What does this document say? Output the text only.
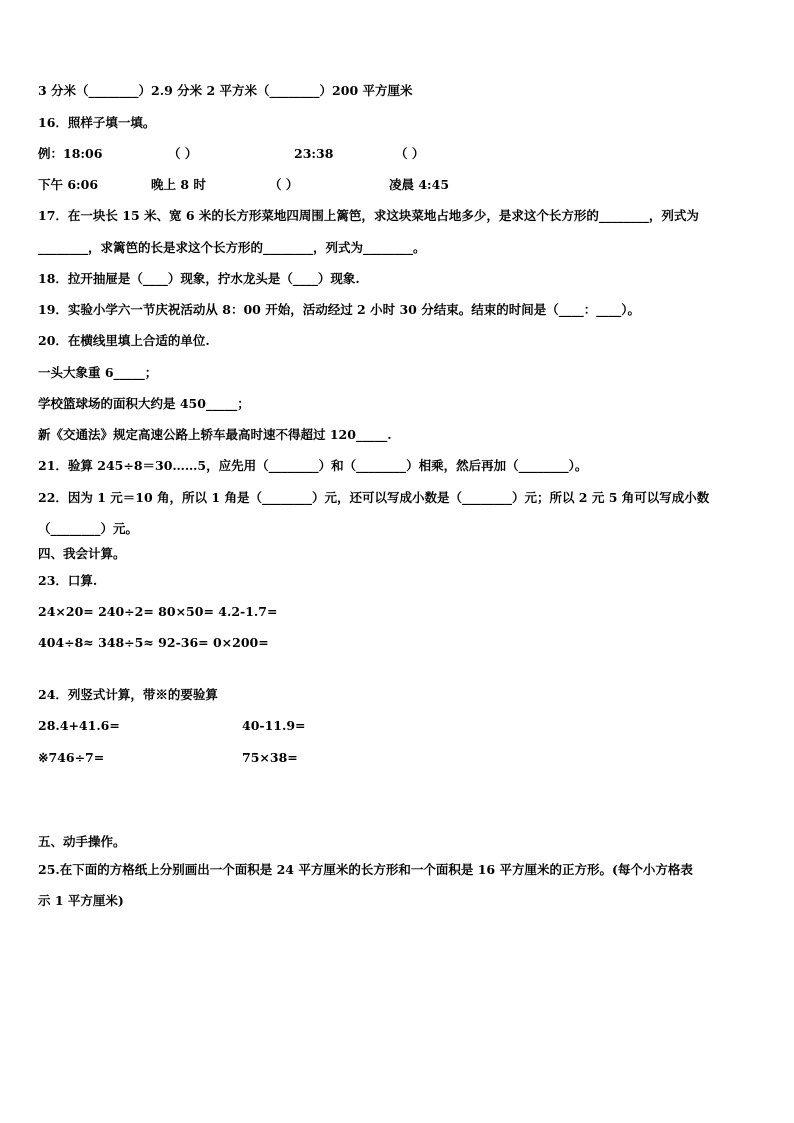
3 分米（________）2.9 分米 2 平方米（________）200 平方厘米
16．照样子填一填。
例：18:06	（ ）	23:38	（ ）
下午 6:06	晚上 8 时	（ ）	凌晨 4:45
17．在一块长 15 米、宽 6 米的长方形菜地四周围上篱笆，求这块菜地占地多少，是求这个长方形的________，列式为
________，求篱笆的长是求这个长方形的________，列式为________。
18．拉开抽屉是（____）现象，拧水龙头是（____）现象.
19．实验小学六一节庆祝活动从 8：00 开始，活动经过 2 小时 30 分结束。结束的时间是（____：____）。
20．在横线里填上合适的单位.
一头大象重 6_____；
学校篮球场的面积大约是 450_____；
新《交通法》规定高速公路上轿车最高时速不得超过 120_____.
21．验算 245÷8＝30……5，应先用（________）和（________）相乘，然后再加（________）。
22．因为 1 元＝10 角，所以 1 角是（________）元，还可以写成小数是（________）元；所以 2 元 5 角可以写成小数
（________）元。
四、我会计算。
23．口算.
24×20= 240÷2= 80×50= 4.2-1.7=
404÷8≈ 348÷5≈ 92-36= 0×200=
24．列竖式计算，带※的要验算
28.4+41.6=	40-11.9=
※746÷7=	75×38=
五、动手操作。
25.在下面的方格纸上分别画出一个面积是 24 平方厘米的长方形和一个面积是 16 平方厘米的正方形。(每个小方格表
示 1 平方厘米)
